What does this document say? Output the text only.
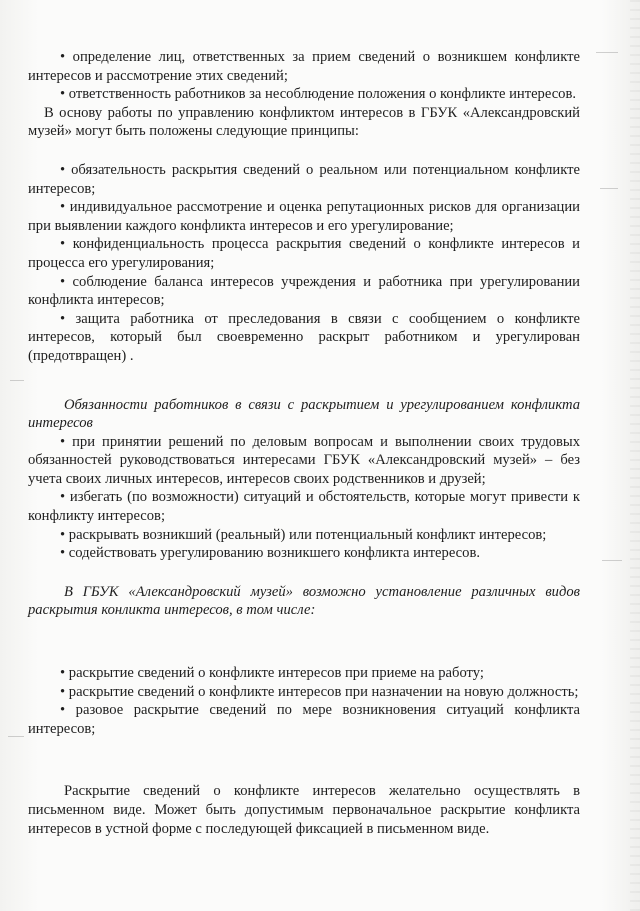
• определение лиц, ответственных за прием сведений о возникшем конфликте интересов и рассмотрение этих сведений;

• ответственность работников за несоблюдение положения о конфликте интересов.

В основу работы по управлению конфликтом интересов в ГБУК «Александровский музей» могут быть положены следующие принципы:

• обязательность раскрытия сведений о реальном или потенциальном конфликте интересов;

• индивидуальное рассмотрение и оценка репутационных рисков для организации при выявлении каждого конфликта интересов и его урегулирование;

• конфиденциальность процесса раскрытия сведений о конфликте интересов и процесса его урегулирования;

• соблюдение баланса интересов учреждения и работника при урегулировании конфликта интересов;

• защита работника от преследования в связи с сообщением о конфликте интересов, который был своевременно раскрыт работником и урегулирован (предотвращен) .

Обязанности работников в связи с раскрытием и урегулированием конфликта интересов

• при принятии решений по деловым вопросам и выполнении своих трудовых обязанностей руководствоваться интересами ГБУК «Александровский музей» – без учета своих личных интересов, интересов своих родственников и друзей;

• избегать (по возможности) ситуаций и обстоятельств, которые могут привести к конфликту интересов;

• раскрывать возникший (реальный) или потенциальный конфликт интересов;

• содействовать урегулированию возникшего конфликта интересов.

В ГБУК «Александровский музей» возможно установление различных видов раскрытия конликта интересов, в том числе:

• раскрытие сведений о конфликте интересов при приеме на работу;

• раскрытие сведений о конфликте интересов при назначении на новую должность;

• разовое раскрытие сведений по мере возникновения ситуаций конфликта интересов;

Раскрытие сведений о конфликте интересов желательно осуществлять в письменном виде. Может быть допустимым первоначальное раскрытие конфликта интересов в устной форме с последующей фиксацией в письменном виде.
